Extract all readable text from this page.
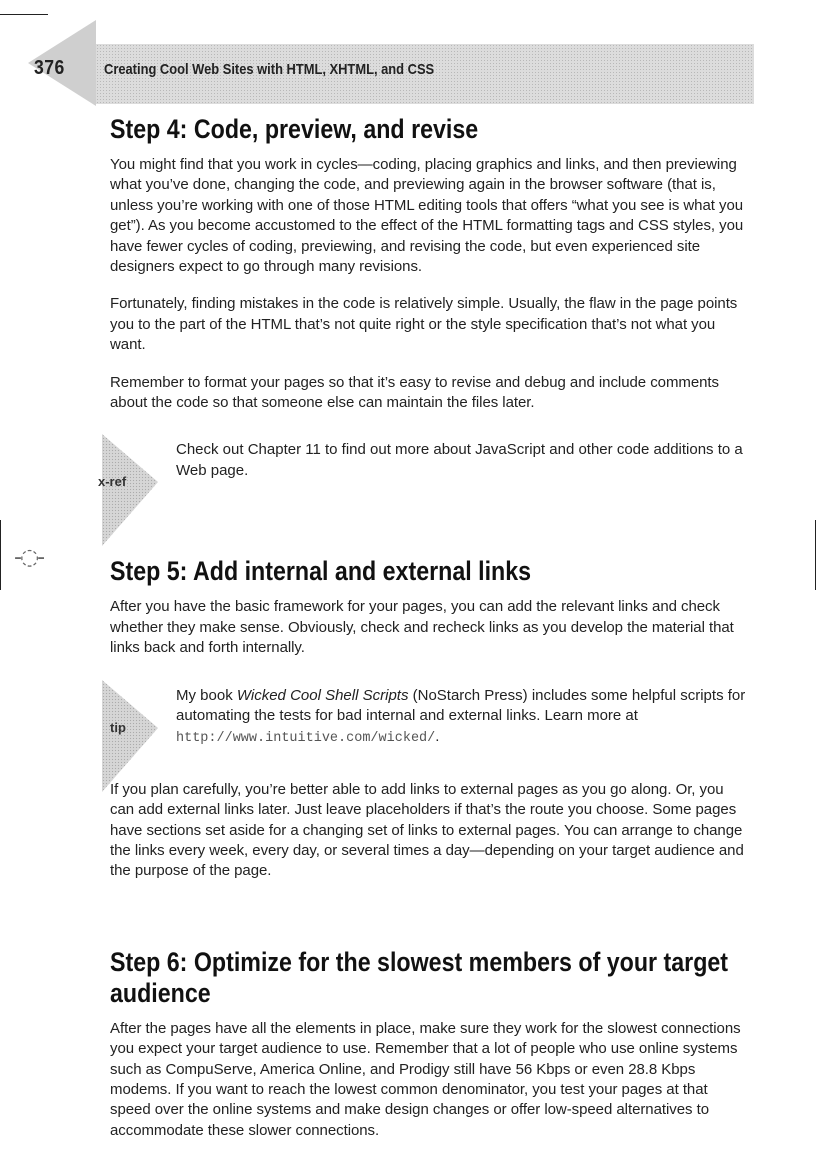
-◌-

376	Creating Cool Web Sites with HTML, XHTML, and CSS

Step 4: Code, preview, and revise

You might find that you work in cycles—coding, placing graphics and links, and then previewing what you’ve done, changing the code, and previewing again in the browser software (that is, unless you’re working with one of those HTML editing tools that offers “what you see is what you get”). As you become accustomed to the effect of the HTML formatting tags and CSS styles, you have fewer cycles of coding, previewing, and revising the code, but even experienced site designers expect to go through many revisions.

Fortunately, finding mistakes in the code is relatively simple. Usually, the flaw in the page points you to the part of the HTML that’s not quite right or the style specification that’s not what you want.

Remember to format your pages so that it’s easy to revise and debug and include comments about the code so that someone else can maintain the files later.

x-ref

Check out Chapter 11 to find out more about JavaScript and other code additions to a Web page.

Step 5: Add internal and external links

After you have the basic framework for your pages, you can add the relevant links and check whether they make sense. Obviously, check and recheck links as you develop the material that links back and forth internally.

tip

My book Wicked Cool Shell Scripts (NoStarch Press) includes some helpful scripts for automating the tests for bad internal and external links. Learn more at http://www.intuitive.com/wicked/.

If you plan carefully, you’re better able to add links to external pages as you go along. Or, you can add external links later. Just leave placeholders if that’s the route you choose. Some pages have sections set aside for a changing set of links to external pages. You can arrange to change the links every week, every day, or several times a day—depending on your target audience and the purpose of the page.

Step 6: Optimize for the slowest members of your target audience

After the pages have all the elements in place, make sure they work for the slowest connections you expect your target audience to use. Remember that a lot of people who use online systems such as CompuServe, America Online, and Prodigy still have 56 Kbps or even 28.8 Kbps modems. If you want to reach the lowest common denominator, you test your pages at that speed over the online systems and make design changes or offer low-speed alternatives to accommodate these slower connections.
